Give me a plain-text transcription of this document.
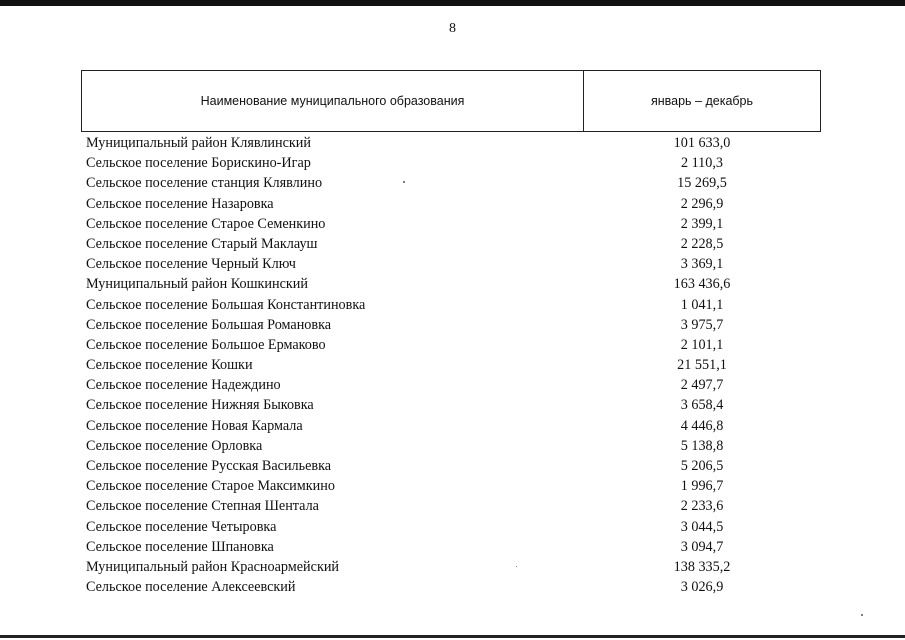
8
Наименование муниципального образования	январь – декабрь
Муниципальный район Клявлинский	101 633,0
Сельское поселение Борискино-Игар	2 110,3
Сельское поселение станция Клявлино	15 269,5
Сельское поселение Назаровка	2 296,9
Сельское поселение Старое Семенкино	2 399,1
Сельское поселение Старый Маклауш	2 228,5
Сельское поселение Черный Ключ	3 369,1
Муниципальный район Кошкинский	163 436,6
Сельское поселение Большая Константиновка	1 041,1
Сельское поселение Большая Романовка	3 975,7
Сельское поселение Большое Ермаково	2 101,1
Сельское поселение Кошки	21 551,1
Сельское поселение Надеждино	2 497,7
Сельское поселение Нижняя Быковка	3 658,4
Сельское поселение Новая Кармала	4 446,8
Сельское поселение Орловка	5 138,8
Сельское поселение Русская Васильевка	5 206,5
Сельское поселение Старое Максимкино	1 996,7
Сельское поселение Степная Шентала	2 233,6
Сельское поселение Четыровка	3 044,5
Сельское поселение Шпановка	3 094,7
Муниципальный район Красноармейский	138 335,2
Сельское поселение Алексеевский	3 026,9
